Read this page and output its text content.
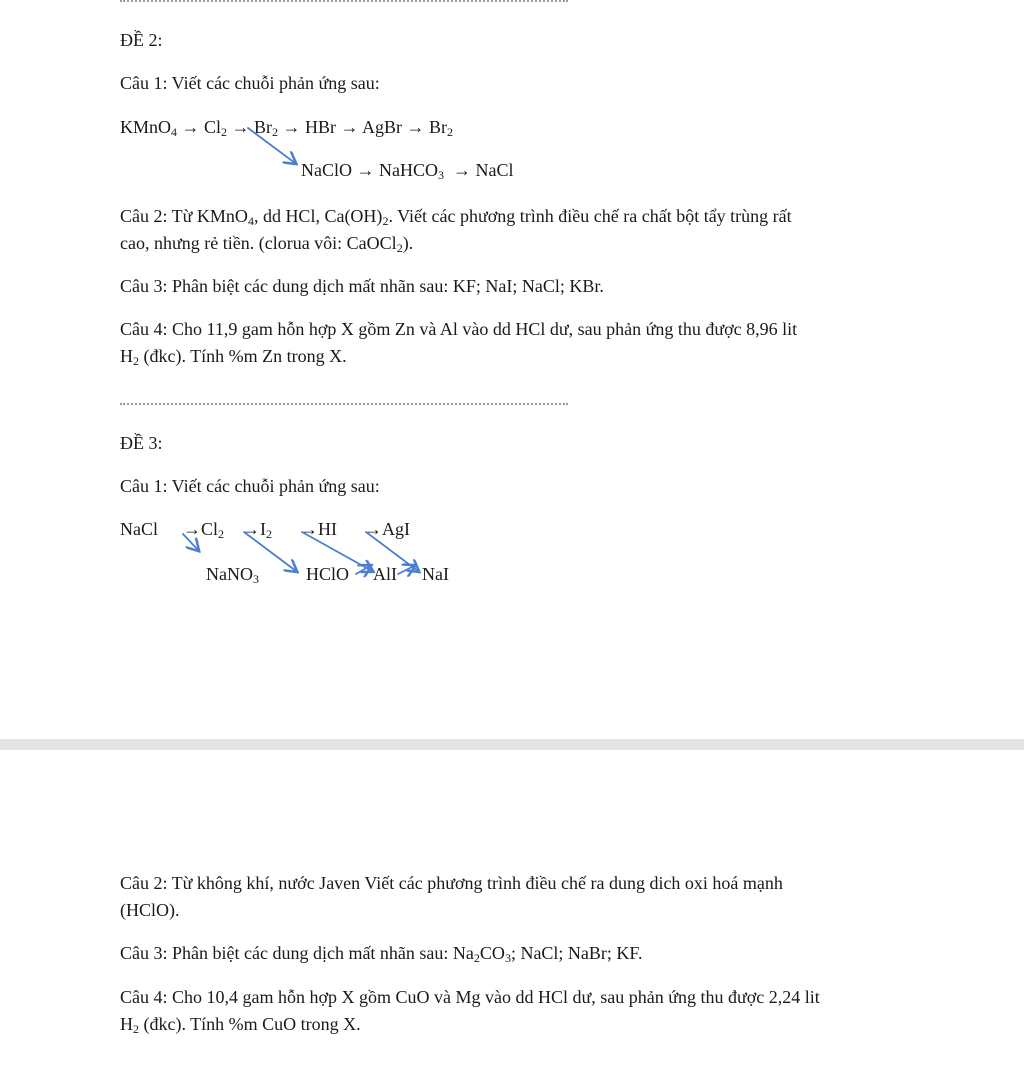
ĐỀ 2:
Câu 1: Viết các chuỗi phản ứng sau:
KMnO$_4$ → $Cl_2 \to Br_2$ → HBr → AgBr → $Br_2$
NaClO → NaHCO$_3$  → NaCl
Câu 2: Từ KMnO$_4$, dd HCl, $Ca(OH)_2$. Viết các phương trình điều chế ra chất bột tẩy trùng rất
cao, nhưng rẻ tiền. (clorua vôi: CaOCl$_2$).
Câu 3: Phân biệt các dung dịch mất nhãn sau: KF; NaI; NaCl; KBr.
Câu 4: Cho 11,9 gam hỗn hợp X gồm Zn và Al vào dd HCl dư, sau phản ứng thu được 8,96 lit
$H_2$ (đkc). Tính %m Zn trong X.
ĐỀ 3:
Câu 1: Viết các chuỗi phản ứng sau:
NaCl $\to Cl_2 \to I_2 \to HI \to AgI$
NaNO$_3$	HClO AlI NaI
Câu 2: Từ không khí, nước Javen Viết các phương trình điều chế ra dung dich oxi hoá mạnh
(HClO).
Câu 3: Phân biệt các dung dịch mất nhãn sau: $Na_2CO_3$; NaCl; NaBr; KF.
Câu 4: Cho 10,4 gam hỗn hợp X gồm CuO và Mg vào dd HCl dư, sau phản ứng thu được 2,24 lit
$H_2$ (đkc). Tính %m CuO trong X.
